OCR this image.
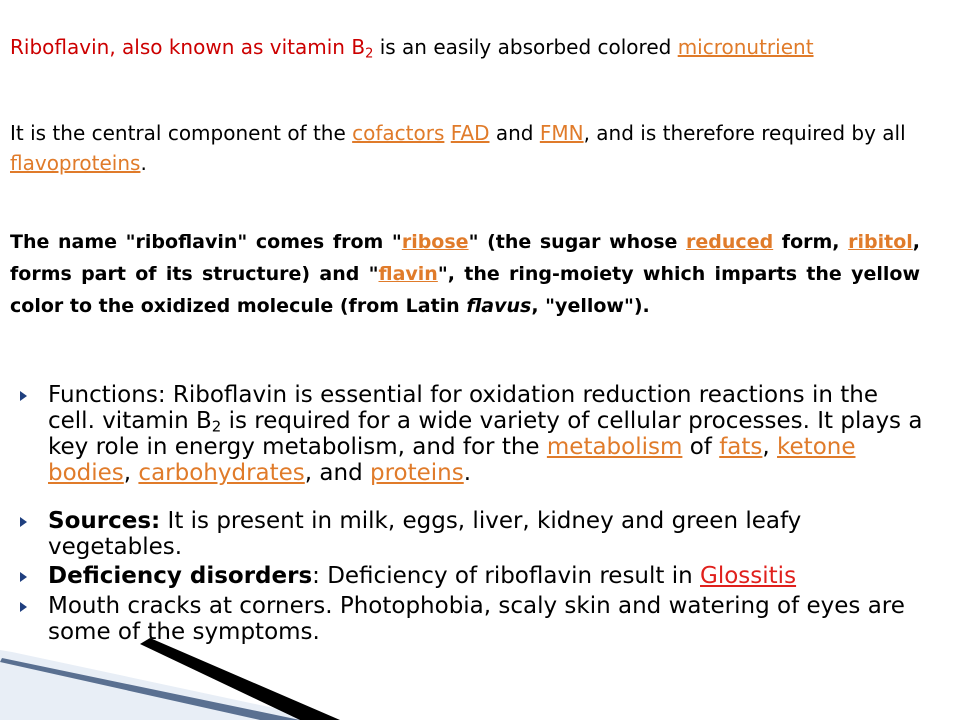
Riboflavin, also known as vitamin $B_2$ is an easily absorbed colored micronutrient

It is the central component of the cofactors FAD and FMN, and is therefore required by all flavoproteins.

The name "riboflavin" comes from "ribose" (the sugar whose reduced form, ribitol, forms part of its structure) and "flavin", the ring-moiety which imparts the yellow color to the oxidized molecule (from Latin flavus, "yellow").

Functions: Riboflavin is essential for oxidation reduction reactions in the cell. vitamin $B_2$ is required for a wide variety of cellular processes. It plays a key role in energy metabolism, and for the metabolism of fats, ketone bodies, carbohydrates, and proteins.
Sources: It is present in milk, eggs, liver, kidney and green leafy vegetables.
Deficiency disorders: Deficiency of riboflavin result in Glossitis
Mouth cracks at corners. Photophobia, scaly skin and watering of eyes are some of the symptoms.
